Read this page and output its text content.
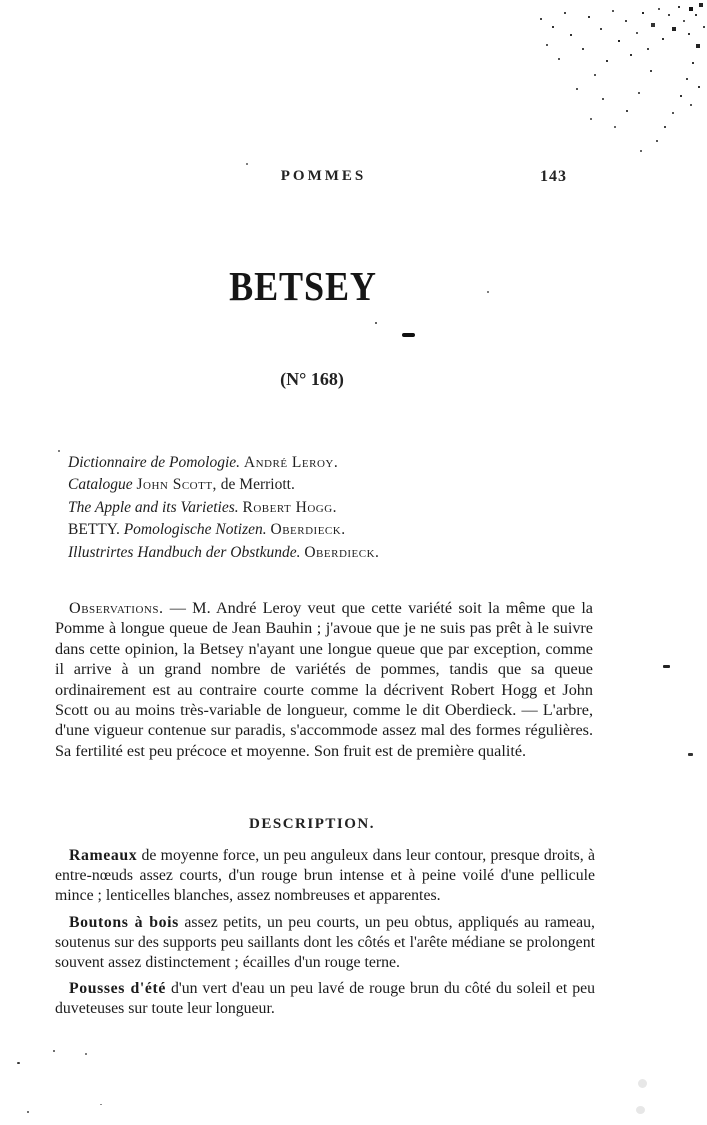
POMMES	143
BETSEY
(N° 168)
Dictionnaire de Pomologie. André Leroy.
Catalogue John Scott, de Merriott.
The Apple and its Varieties. Robert Hogg.
BETTY. Pomologische Notizen. Oberdieck.
Illustrirtes Handbuch der Obstkunde. Oberdieck.

Observations. — M. André Leroy veut que cette variété soit la même que la Pomme à longue queue de Jean Bauhin ; j'avoue que je ne suis pas prêt à le suivre dans cette opinion, la Betsey n'ayant une longue queue que par exception, comme il arrive à un grand nombre de variétés de pommes, tandis que sa queue ordinairement est au contraire courte comme la décrivent Robert Hogg et John Scott ou au moins très-variable de longueur, comme le dit Oberdieck. — L'arbre, d'une vigueur contenue sur paradis, s'accommode assez mal des formes régulières. Sa fertilité est peu précoce et moyenne. Son fruit est de première qualité.

DESCRIPTION.

Rameaux de moyenne force, un peu anguleux dans leur contour, presque droits, à entre-nœuds assez courts, d'un rouge brun intense et à peine voilé d'une pellicule mince ; lenticelles blanches, assez nombreuses et apparentes.

Boutons à bois assez petits, un peu courts, un peu obtus, appliqués au rameau, soutenus sur des supports peu saillants dont les côtés et l'arête médiane se prolongent souvent assez distinctement ; écailles d'un rouge terne.

Pousses d'été d'un vert d'eau un peu lavé de rouge brun du côté du soleil et peu duveteuses sur toute leur longueur.
